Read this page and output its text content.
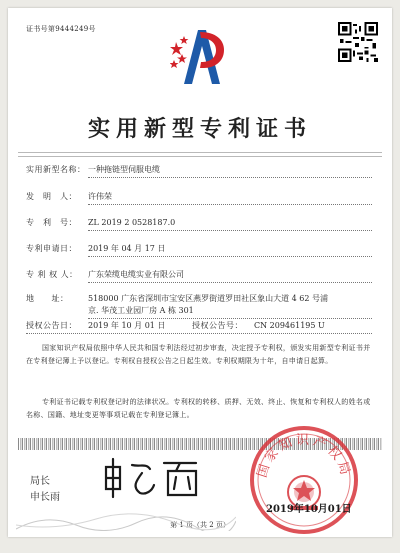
证书号第9444249号
实用新型专利证书
实用新型名称： 一种拖链型伺服电缆
发　明　人： 许伟荣
专　利　号： ZL 2019 2 0528187.0
专利申请日： 2019 年 04 月 17 日
专 利 权 人： 广东荣缆电缆实业有限公司
地　　址： 518000 广东省深圳市宝安区燕罗街道罗田社区象山大道 4 62 号浦京. 华茂工业园厂房 A 栋 301
授权公告日： 2019 年 10 月 01 日	授权公告号： CN 209461195 U
国家知识产权局依照中华人民共和国专利法经过初步审查，决定授予专利权，颁发实用新型专利证书并在专利登记簿上予以登记。专利权自授权公告之日起生效。专利权期限为十年，自申请日起算。
专利证书记载专利权登记时的法律状况。专利权的转移、质押、无效、终止、恢复和专利权人的姓名或名称、国籍、地址变更等事项记载在专利登记簿上。
局长
申长雨
国家知识产权局
2019年10月01日
第 1 页（共 2 页）
